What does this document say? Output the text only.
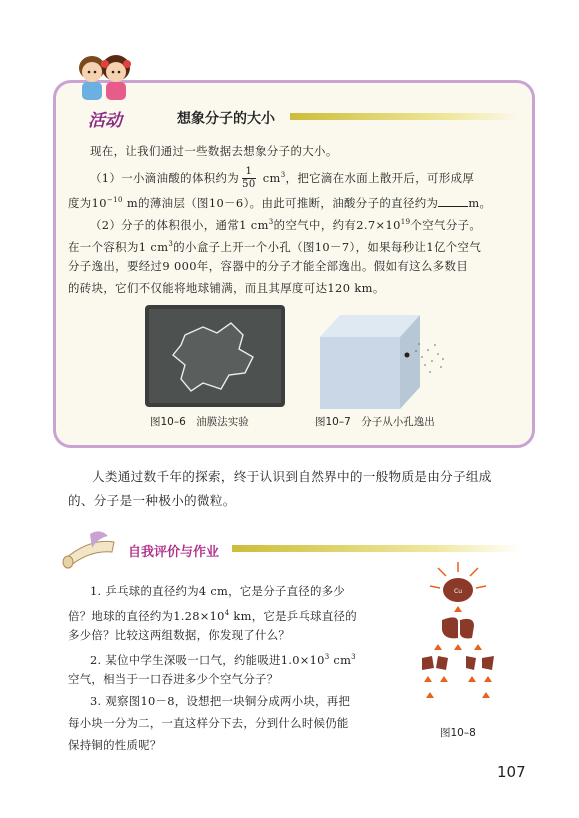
活动	想象分子的大小
现在，让我们通过一些数据去想象分子的大小。
（1）一小滴油酸的体积约为 $\frac{1}{50} cm^3$，把它滴在水面上散开后，可形成厚
度为$10^{-10}$ m的薄油层（图10－6）。由此可推断，油酸分子的直径约为	m。
（2）分子的体积很小，通常1 $cm^3$的空气中，约有$2.7\times 10^{19}$个空气分子。
在一个容积为1 $cm^3$的小盒子上开一个小孔（图10－7），如果每秒让1亿个空气
分子逸出，要经过9 000年，容器中的分子才能全部逸出。假如有这么多数目
的砖块，它们不仅能将地球铺满，而且其厚度可达120 km。
图10–6　油膜法实验	图10–7　分子从小孔逸出
人类通过数千年的探索，终于认识到自然界中的一般物质是由分子组成
的、分子是一种极小的微粒。
自我评价与作业
1. 乒乓球的直径约为4 cm，它是分子直径的多少
倍？地球的直径约为$1.28\times 10^4$ km，它是乒乓球直径的
多少倍？比较这两组数据，你发现了什么？
2. 某位中学生深吸一口气，约能吸进$1.0\times 10^3$ $cm^3$
空气，相当于一口吞进多少个空气分子？
3. 观察图10－8，设想把一块铜分成两小块，再把
每小块一分为二，一直这样分下去，分到什么时候仍能
保持铜的性质呢？
Cu
图10–8
107
